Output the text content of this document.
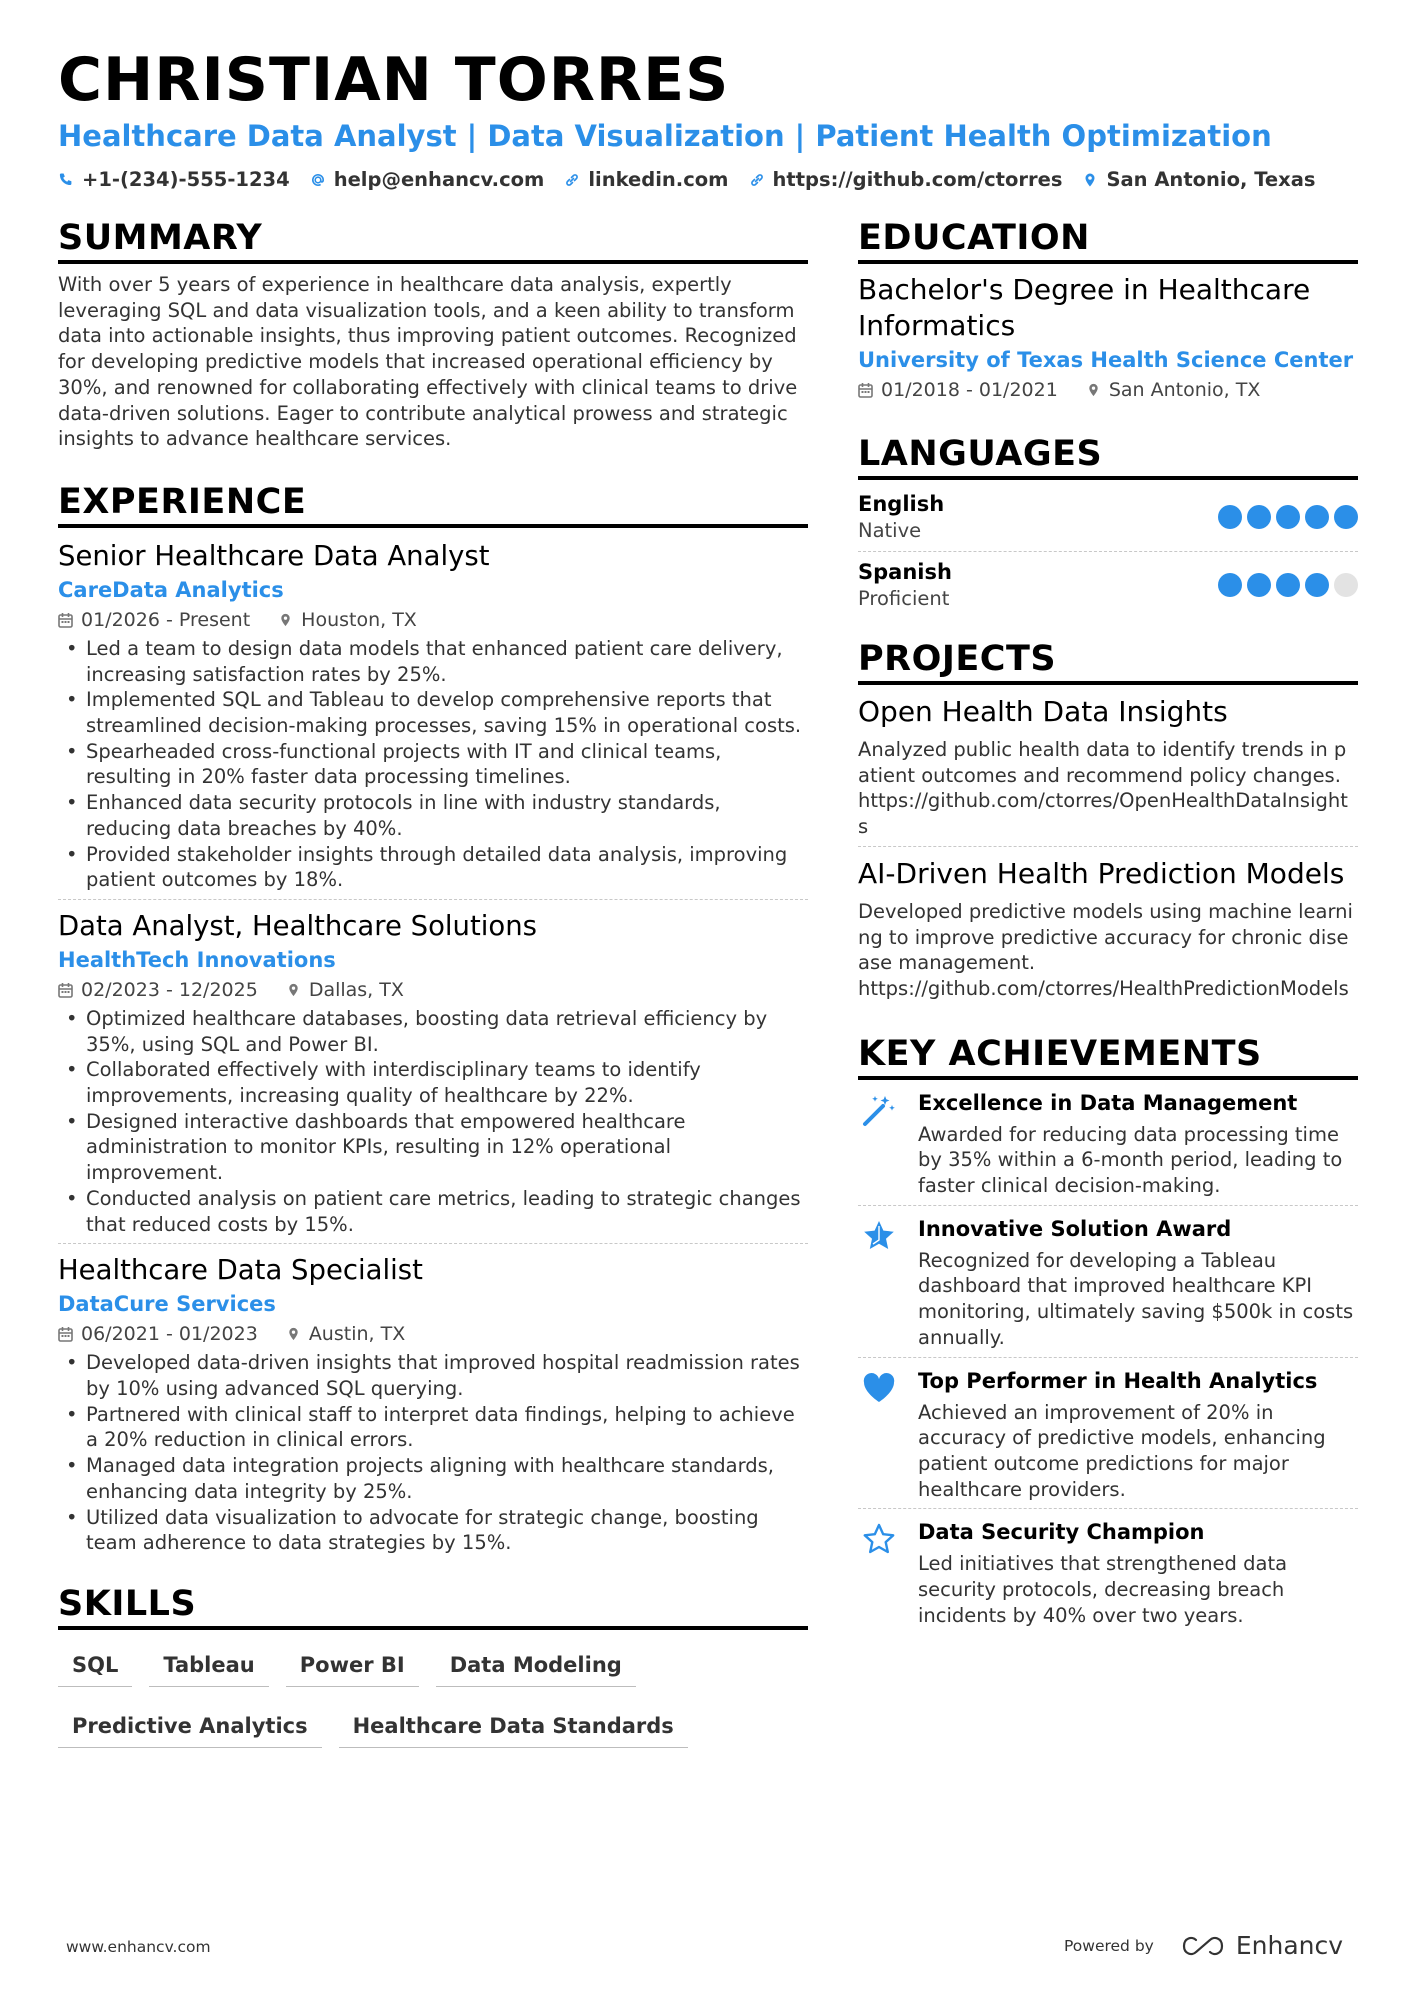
CHRISTIAN TORRES
Healthcare Data Analyst | Data Visualization | Patient Health Optimization
+1-(234)-555-1234 help@enhancv.com linkedin.com https://github.com/ctorres San Antonio, Texas
SUMMARY
With over 5 years of experience in healthcare data analysis, expertly leveraging SQL and data visualization tools, and a keen ability to transform data into actionable insights, thus improving patient outcomes. Recognized for developing predictive models that increased operational efficiency by 30%, and renowned for collaborating effectively with clinical teams to drive data-driven solutions. Eager to contribute analytical prowess and strategic insights to advance healthcare services.
EXPERIENCE
Senior Healthcare Data Analyst
CareData Analytics
01/2026 - Present	Houston, TX
• Led a team to design data models that enhanced patient care delivery, increasing satisfaction rates by 25%.
• Implemented SQL and Tableau to develop comprehensive reports that streamlined decision-making processes, saving 15% in operational costs.
• Spearheaded cross-functional projects with IT and clinical teams, resulting in 20% faster data processing timelines.
• Enhanced data security protocols in line with industry standards, reducing data breaches by 40%.
• Provided stakeholder insights through detailed data analysis, improving patient outcomes by 18%.
Data Analyst, Healthcare Solutions
HealthTech Innovations
02/2023 - 12/2025	Dallas, TX
• Optimized healthcare databases, boosting data retrieval efficiency by 35%, using SQL and Power BI.
• Collaborated effectively with interdisciplinary teams to identify improvements, increasing quality of healthcare by 22%.
• Designed interactive dashboards that empowered healthcare administration to monitor KPIs, resulting in 12% operational improvement.
• Conducted analysis on patient care metrics, leading to strategic changes that reduced costs by 15%.
Healthcare Data Specialist
DataCure Services
06/2021 - 01/2023	Austin, TX
• Developed data-driven insights that improved hospital readmission rates by 10% using advanced SQL querying.
• Partnered with clinical staff to interpret data findings, helping to achieve a 20% reduction in clinical errors.
• Managed data integration projects aligning with healthcare standards, enhancing data integrity by 25%.
• Utilized data visualization to advocate for strategic change, boosting team adherence to data strategies by 15%.
SKILLS
SQL	Tableau	Power BI	Data Modeling
Predictive Analytics	Healthcare Data Standards
EDUCATION
Bachelor's Degree in Healthcare Informatics
University of Texas Health Science Center
01/2018 - 01/2021	San Antonio, TX
LANGUAGES
English
Native
Spanish
Proficient
PROJECTS
Open Health Data Insights
Analyzed public health data to identify trends in patient outcomes and recommend policy changes.
https://github.com/ctorres/OpenHealthDataInsights
AI-Driven Health Prediction Models
Developed predictive models using machine learning to improve predictive accuracy for chronic disease management.
https://github.com/ctorres/HealthPredictionModels
KEY ACHIEVEMENTS
Excellence in Data Management
Awarded for reducing data processing time by 35% within a 6-month period, leading to faster clinical decision-making.
Innovative Solution Award
Recognized for developing a Tableau dashboard that improved healthcare KPI monitoring, ultimately saving $500k in costs annually.
Top Performer in Health Analytics
Achieved an improvement of 20% in accuracy of predictive models, enhancing patient outcome predictions for major healthcare providers.
Data Security Champion
Led initiatives that strengthened data security protocols, decreasing breach incidents by 40% over two years.
www.enhancv.com	Powered by	Enhancv
